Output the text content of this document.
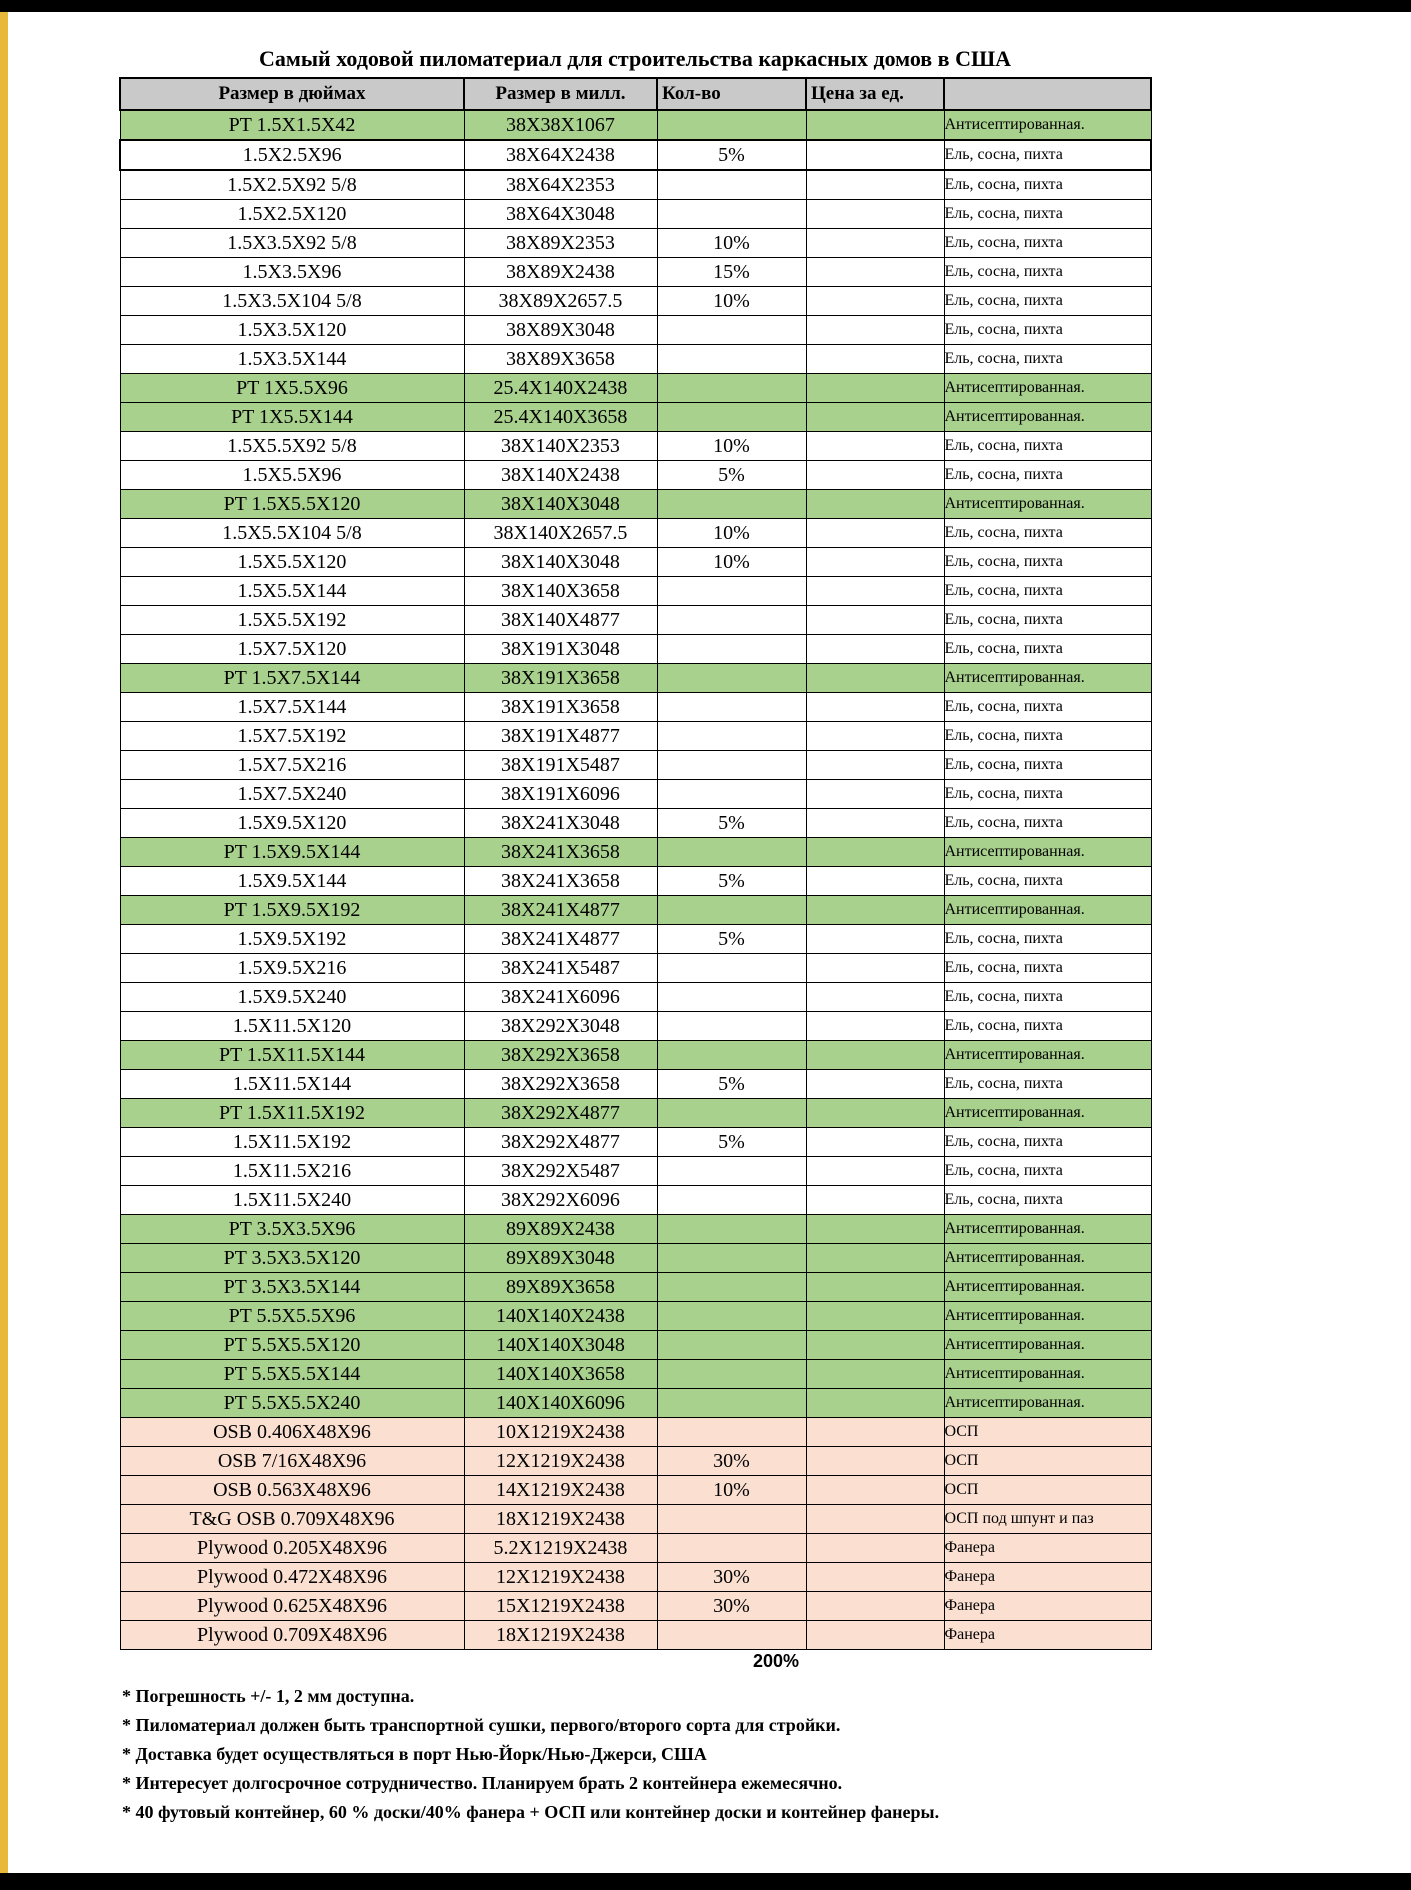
Самый ходовой пиломатериал для строительства каркасных домов в США
Размер в дюймах	Размер в милл.	Кол-во	Цена за ед.	
PT 1.5X1.5X42	38X38X1067			Антисептированная.
1.5X2.5X96	38X64X2438	5%		Ель, сосна, пихта
1.5X2.5X92 5/8	38X64X2353			Ель, сосна, пихта
1.5X2.5X120	38X64X3048			Ель, сосна, пихта
1.5X3.5X92 5/8	38X89X2353	10%		Ель, сосна, пихта
1.5X3.5X96	38X89X2438	15%		Ель, сосна, пихта
1.5X3.5X104 5/8	38X89X2657.5	10%		Ель, сосна, пихта
1.5X3.5X120	38X89X3048			Ель, сосна, пихта
1.5X3.5X144	38X89X3658			Ель, сосна, пихта
PT 1X5.5X96	25.4X140X2438			Антисептированная.
PT 1X5.5X144	25.4X140X3658			Антисептированная.
1.5X5.5X92 5/8	38X140X2353	10%		Ель, сосна, пихта
1.5X5.5X96	38X140X2438	5%		Ель, сосна, пихта
PT 1.5X5.5X120	38X140X3048			Антисептированная.
1.5X5.5X104 5/8	38X140X2657.5	10%		Ель, сосна, пихта
1.5X5.5X120	38X140X3048	10%		Ель, сосна, пихта
1.5X5.5X144	38X140X3658			Ель, сосна, пихта
1.5X5.5X192	38X140X4877			Ель, сосна, пихта
1.5X7.5X120	38X191X3048			Ель, сосна, пихта
PT 1.5X7.5X144	38X191X3658			Антисептированная.
1.5X7.5X144	38X191X3658			Ель, сосна, пихта
1.5X7.5X192	38X191X4877			Ель, сосна, пихта
1.5X7.5X216	38X191X5487			Ель, сосна, пихта
1.5X7.5X240	38X191X6096			Ель, сосна, пихта
1.5X9.5X120	38X241X3048	5%		Ель, сосна, пихта
PT 1.5X9.5X144	38X241X3658			Антисептированная.
1.5X9.5X144	38X241X3658	5%		Ель, сосна, пихта
PT 1.5X9.5X192	38X241X4877			Антисептированная.
1.5X9.5X192	38X241X4877	5%		Ель, сосна, пихта
1.5X9.5X216	38X241X5487			Ель, сосна, пихта
1.5X9.5X240	38X241X6096			Ель, сосна, пихта
1.5X11.5X120	38X292X3048			Ель, сосна, пихта
PT 1.5X11.5X144	38X292X3658			Антисептированная.
1.5X11.5X144	38X292X3658	5%		Ель, сосна, пихта
PT 1.5X11.5X192	38X292X4877			Антисептированная.
1.5X11.5X192	38X292X4877	5%		Ель, сосна, пихта
1.5X11.5X216	38X292X5487			Ель, сосна, пихта
1.5X11.5X240	38X292X6096			Ель, сосна, пихта
PT 3.5X3.5X96	89X89X2438			Антисептированная.
PT 3.5X3.5X120	89X89X3048			Антисептированная.
PT 3.5X3.5X144	89X89X3658			Антисептированная.
PT 5.5X5.5X96	140X140X2438			Антисептированная.
PT 5.5X5.5X120	140X140X3048			Антисептированная.
PT 5.5X5.5X144	140X140X3658			Антисептированная.
PT 5.5X5.5X240	140X140X6096			Антисептированная.
OSB 0.406X48X96	10X1219X2438			ОСП
OSB 7/16X48X96	12X1219X2438	30%		ОСП
OSB 0.563X48X96	14X1219X2438	10%		ОСП
T&G OSB 0.709X48X96	18X1219X2438			ОСП под шпунт и паз
Plywood 0.205X48X96	5.2X1219X2438			Фанера
Plywood 0.472X48X96	12X1219X2438	30%		Фанера
Plywood 0.625X48X96	15X1219X2438	30%		Фанера
Plywood 0.709X48X96	18X1219X2438			Фанера
200%
* Погрешность +/- 1, 2 мм доступна.
* Пиломатериал должен быть транспортной сушки, первого/второго сорта для стройки.
* Доставка будет осуществляться в порт Нью-Йорк/Нью-Джерси, США
* Интересует долгосрочное сотрудничество. Планируем брать 2 контейнера ежемесячно.
* 40 футовый контейнер, 60 % доски/40% фанера + ОСП или контейнер доски и контейнер фанеры.
